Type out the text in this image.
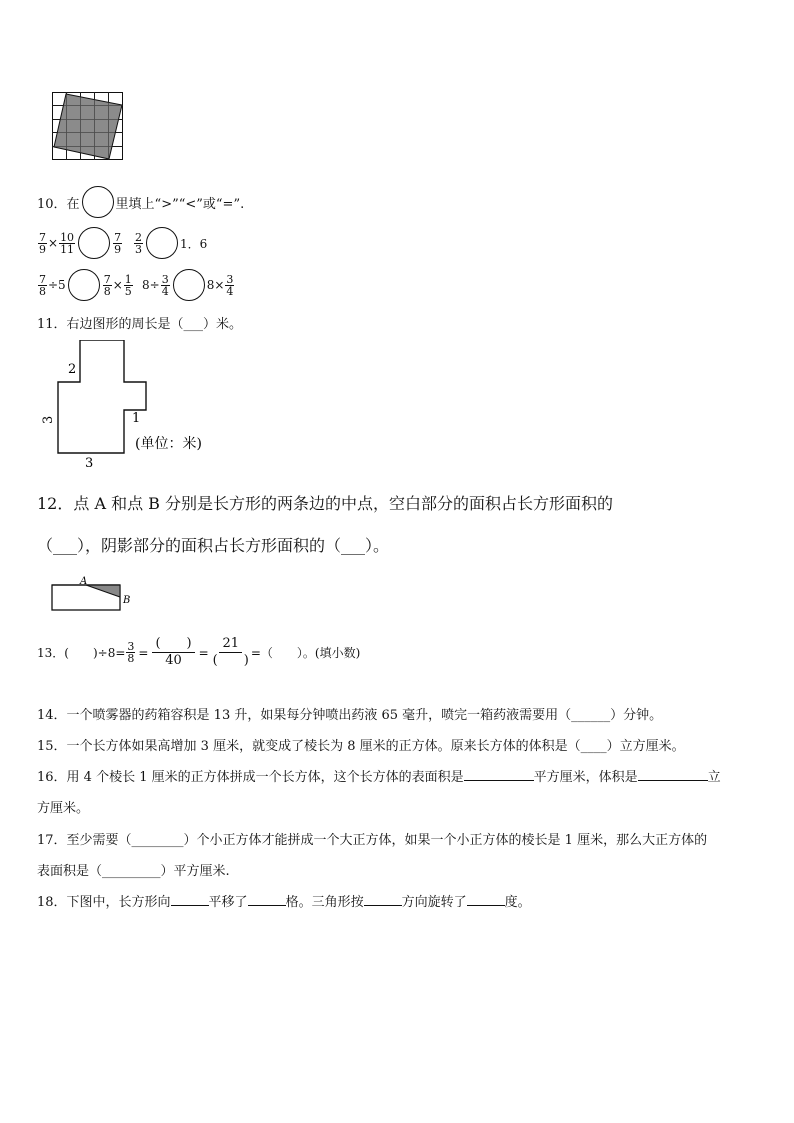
10．在	里填上“>”“<”或“=”.
$\frac{7}{9} \times \frac{10}{11}$	$\frac{7}{9} \frac{2}{3}$	1．6
$\frac{7}{8} \div 5$	$\frac{7}{8} \times \frac{1}{5} 8\div \frac{3}{4}$	$8\times \frac{3}{4}$
11．右边图形的周长是（___）米。
2
3	1
3
(单位：米)
12．点 A 和点 B 分别是长方形的两条边的中点，空白部分的面积占长方形面积的
（___），阴影部分的面积占长方形面积的（___）。
A
B
13．(　　)$\div 8= \frac{3}{8}$ =
(　　)
40
=
21
(　　) =（　　）。(填小数)
14．一个喷雾器的药箱容积是 13 升，如果每分钟喷出药液 65 毫升，喷完一箱药液需要用（______）分钟。
15．一个长方体如果高增加 3 厘米，就变成了棱长为 8 厘米的正方体。原来长方体的体积是（____）立方厘米。
16．用 4 个棱长 1 厘米的正方体拼成一个长方体，这个长方体的表面积是	平方厘米，体积是	立
方厘米。
17．至少需要（________）个小正方体才能拼成一个大正方体，如果一个小正方体的棱长是 1 厘米，那么大正方体的
表面积是（_________）平方厘米.
18．下图中，长方形向	平移了	格。三角形按	方向旋转了	度。
